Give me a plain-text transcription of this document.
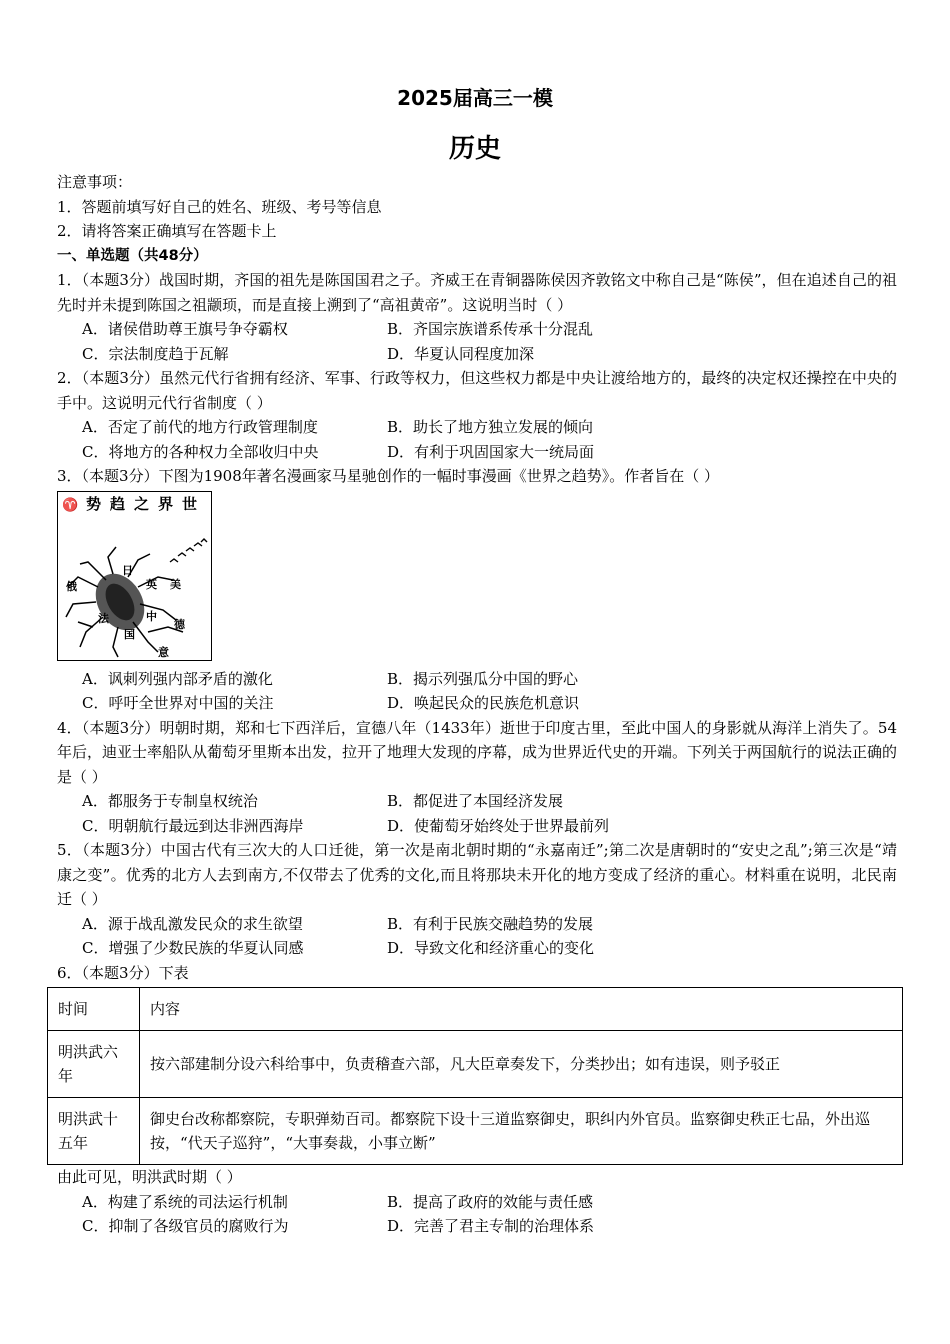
2025届高三一模
历史

注意事项：

1．答题前填写好自己的姓名、班级、考号等信息

2．请将答案正确填写在答题卡上

一、单选题（共48分）

1．（本题3分）战国时期，齐国的祖先是陈国国君之子。齐威王在青铜器陈侯因齐敦铭文中称自己是“陈侯”，但在追述自己的祖先时并未提到陈国之祖颛顼，而是直接上溯到了“高祖黄帝”。这说明当时（ ）

A．诸侯借助尊王旗号争夺霸权	B．齐国宗族谱系传承十分混乱
C．宗法制度趋于瓦解	D．华夏认同程度加深

2．（本题3分）虽然元代行省拥有经济、军事、行政等权力，但这些权力都是中央让渡给地方的，最终的决定权还操控在中央的手中。这说明元代行省制度（ ）

A．否定了前代的地方行政管理制度	B．助长了地方独立发展的倾向
C．将地方的各种权力全部收归中央	D．有利于巩固国家大一统局面

3．（本题3分）下图为1908年著名漫画家马星驰创作的一幅时事漫画《世界之趋势》。作者旨在（ ）

♈ 势 趋 之 界 世
日
英 美
俄
德
法	中
国
意
A．讽刺列强内部矛盾的激化	B．揭示列强瓜分中国的野心
C．呼吁全世界对中国的关注	D．唤起民众的民族危机意识

4．（本题3分）明朝时期，郑和七下西洋后，宣德八年（1433年）逝世于印度古里，至此中国人的身影就从海洋上消失了。54年后，迪亚士率船队从葡萄牙里斯本出发，拉开了地理大发现的序幕，成为世界近代史的开端。下列关于两国航行的说法正确的是（ ）

A．都服务于专制皇权统治	B．都促进了本国经济发展
C．明朝航行最远到达非洲西海岸	D．使葡萄牙始终处于世界最前列

5．（本题3分）中国古代有三次大的人口迁徙，第一次是南北朝时期的“永嘉南迁”;第二次是唐朝时的“安史之乱”;第三次是“靖康之变”。优秀的北方人去到南方,不仅带去了优秀的文化,而且将那块未开化的地方变成了经济的重心。材料重在说明，北民南迁（ ）

A．源于战乱激发民众的求生欲望	B．有利于民族交融趋势的发展
C．增强了少数民族的华夏认同感	D．导致文化和经济重心的变化

6．（本题3分）下表

时间	内容
明洪武六年	按六部建制分设六科给事中，负责稽查六部，凡大臣章奏发下，分类抄出；如有违误，则予驳正
明洪武十五年	御史台改称都察院，专职弹劾百司。都察院下设十三道监察御史，职纠内外官员。监察御史秩正七品，外出巡按，“代天子巡狩”，“大事奏裁，小事立断”

由此可见，明洪武时期（ ）

A．构建了系统的司法运行机制	B．提高了政府的效能与责任感
C．抑制了各级官员的腐败行为	D．完善了君主专制的治理体系
